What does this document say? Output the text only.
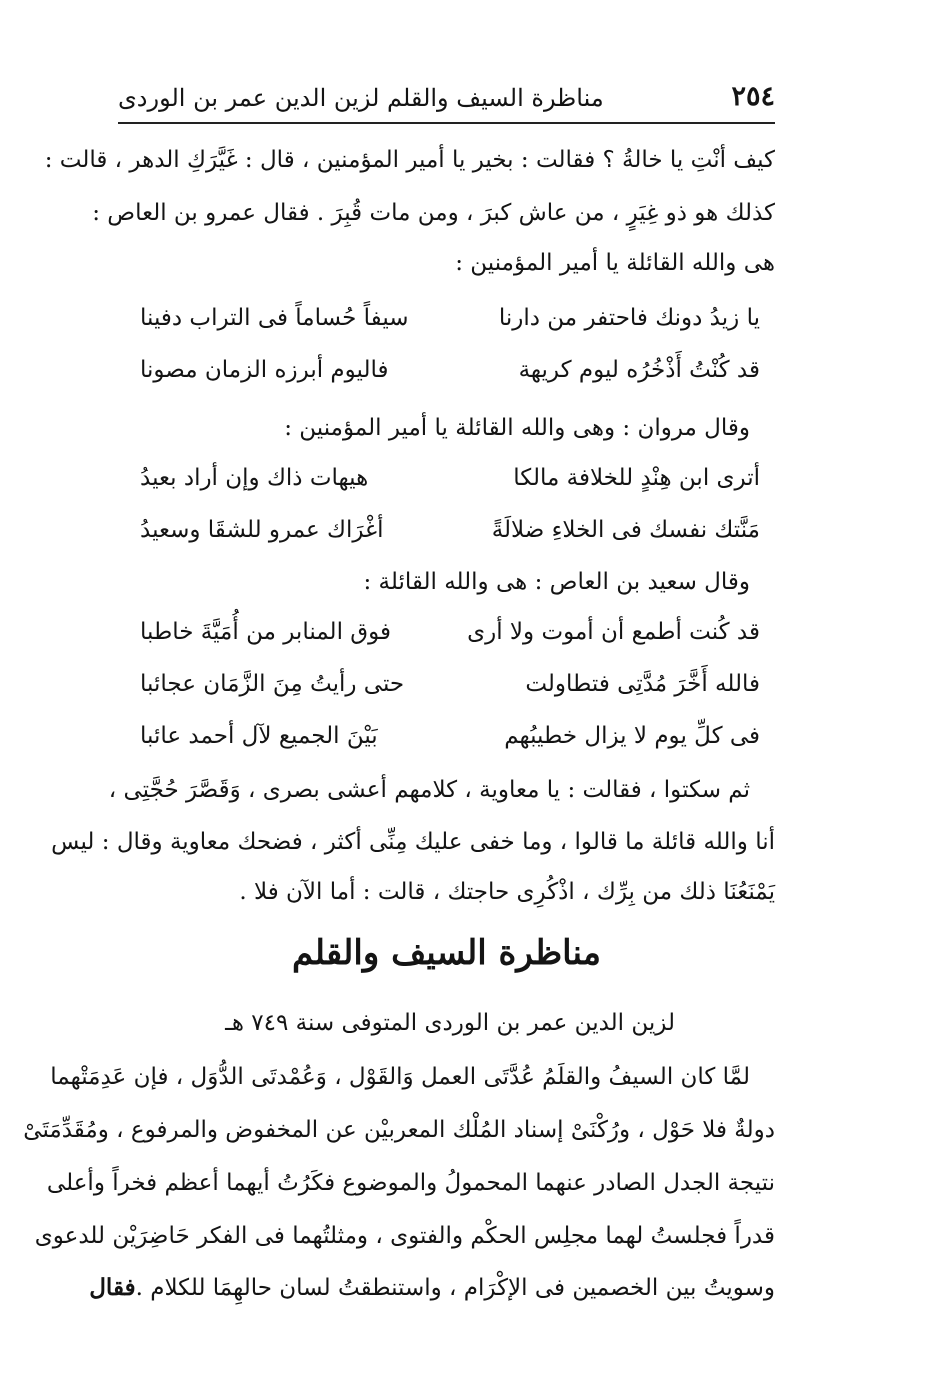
٢٥٤
مناظرة السيف والقلم لزين الدين عمر بن الوردى
كيف أنْتِ يا خالةُ ؟ فقالت : بخير يا أمير المؤمنين ، قال : غَيَّرَكِ الدهر ، قالت :
كذلك هو ذو غِيَرٍ ، من عاش كبرَ ، ومن مات قُبِرَ . فقال عمرو بن العاص :
هى والله القائلة يا أمير المؤمنين :
يا زيدُ دونك فاحتفر من دارنا
سيفاً حُساماً فى التراب دفينا
قد كُنْتُ أَذْخُرُه ليوم كريهة
فاليوم أبرزه الزمان مصونا
وقال مروان : وهى والله القائلة يا أمير المؤمنين :
أترى ابن هِنْدٍ للخلافة مالكا
هيهات ذاك وإن أراد بعيدُ
مَنَّتك نفسك فى الخلاءِ ضلالَةً
أغْرَاك عمرو للشقَا وسعيدُ
وقال سعيد بن العاص : هى والله القائلة :
قد كُنت أطمع أن أموت ولا أرى
فوق المنابر من أُمَيَّةَ خاطبا
فالله أَخَّرَ مُدَّتِى فتطاولت
حتى رأيتُ مِنَ الزَّمَان عجائبا
فى كلِّ يوم لا يزال خطيبُهم
بَيْنَ الجميع لآل أحمد عائبا
ثم سكتوا ، فقالت : يا معاوية ، كلامهم أعشى بصرى ، وَقَصَّرَ حُجَّتِى ،
أنا والله قائلة ما قالوا ، وما خفى عليك مِنِّى أكثر ، فضحك معاوية وقال : ليس
يَمْنَعُنَا ذلك من بِرِّك ، اذْكُرِى حاجتك ، قالت : أما الآن فلا .
مناظرة السيف والقلم
لزين الدين عمر بن الوردى المتوفى سنة ٧٤٩ هـ
لمَّا كان السيفُ والقلَمُ عُدَّتَى العمل وَالقَوْل ، وَعُمْدتَى الدُّوَل ، فإن عَدِمَتْهما
دولةٌ فلا حَوْل ، ورُكْنَىْ إسناد المُلْك المعربيْن عن المخفوض والمرفوع ، ومُقَدِّمَتَىْ
نتيجة الجدل الصادر عنهما المحمولُ والموضوع فكَرُتُ أيهما أعظم فخراً وأعلى
قدراً فجلستُ لهما مجلِس الحكْم والفتوى ، ومثلتُهما فى الفكر حَاضِرَيْن للدعوى
وسويتُ بين الخصمين فى الإكْرَام ، واستنطقتُ لسان حالهِمَا للكلام .
فقال
